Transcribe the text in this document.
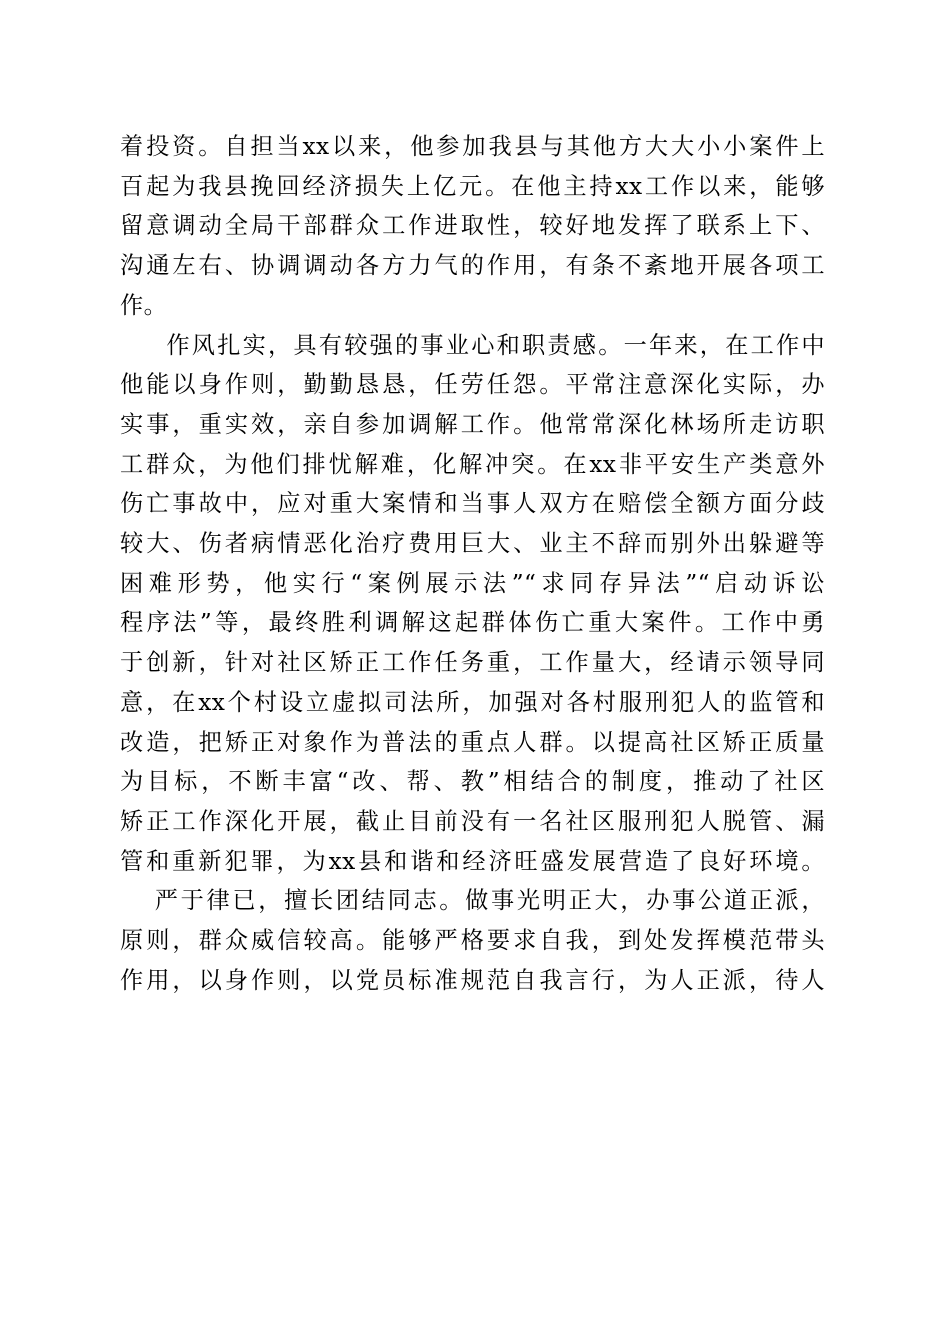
着投资。自担当xx以来，他参加我县与其他方大大小小案件上
百起为我县挽回经济损失上亿元。在他主持xx工作以来，能够
留意调动全局干部群众工作进取性，较好地发挥了联系上下、
沟通左右、协调调动各方力气的作用，有条不紊地开展各项工
作。

作风扎实，具有较强的事业心和职责感。一年来，在工作中
他能以身作则，勤勤恳恳，任劳任怨。平常注意深化实际，办
实事，重实效，亲自参加调解工作。他常常深化林场所走访职
工群众，为他们排忧解难，化解冲突。在xx非平安生产类意外
伤亡事故中，应对重大案情和当事人双方在赔偿全额方面分歧
较大、伤者病情恶化治疗费用巨大、业主不辞而别外出躲避等
困难形势，他实行“案例展示法”“求同存异法”“启动诉讼
程序法”等，最终胜利调解这起群体伤亡重大案件。工作中勇
于创新，针对社区矫正工作任务重，工作量大，经请示领导同
意，在xx个村设立虚拟司法所，加强对各村服刑犯人的监管和
改造，把矫正对象作为普法的重点人群。以提高社区矫正质量
为目标，不断丰富“改、帮、教”相结合的制度，推动了社区
矫正工作深化开展，截止目前没有一名社区服刑犯人脱管、漏
管和重新犯罪，为xx县和谐和经济旺盛发展营造了良好环境。

严于律已，擅长团结同志。做事光明正大，办事公道正派，
原则，群众威信较高。能够严格要求自我，到处发挥模范带头
作用，以身作则，以党员标准规范自我言行，为人正派，待人
